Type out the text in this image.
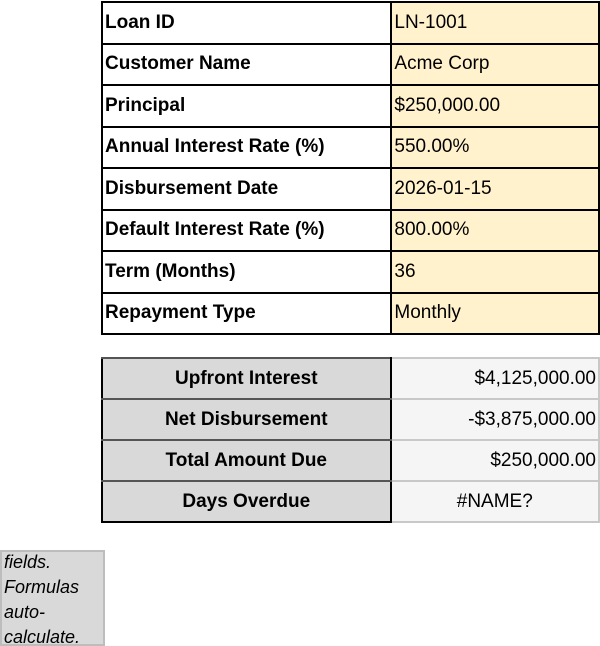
Loan ID	LN-1001
Customer Name	Acme Corp
Principal	$250,000.00
Annual Interest Rate (%)	550.00%
Disbursement Date	2026-01-15
Default Interest Rate (%)	800.00%
Term (Months)	36
Repayment Type	Monthly
Upfront Interest	$4,125,000.00
Net Disbursement	-$3,875,000.00
Total Amount Due	$250,000.00
Days Overdue	#NAME?
fields. Formulas auto-calculate.
